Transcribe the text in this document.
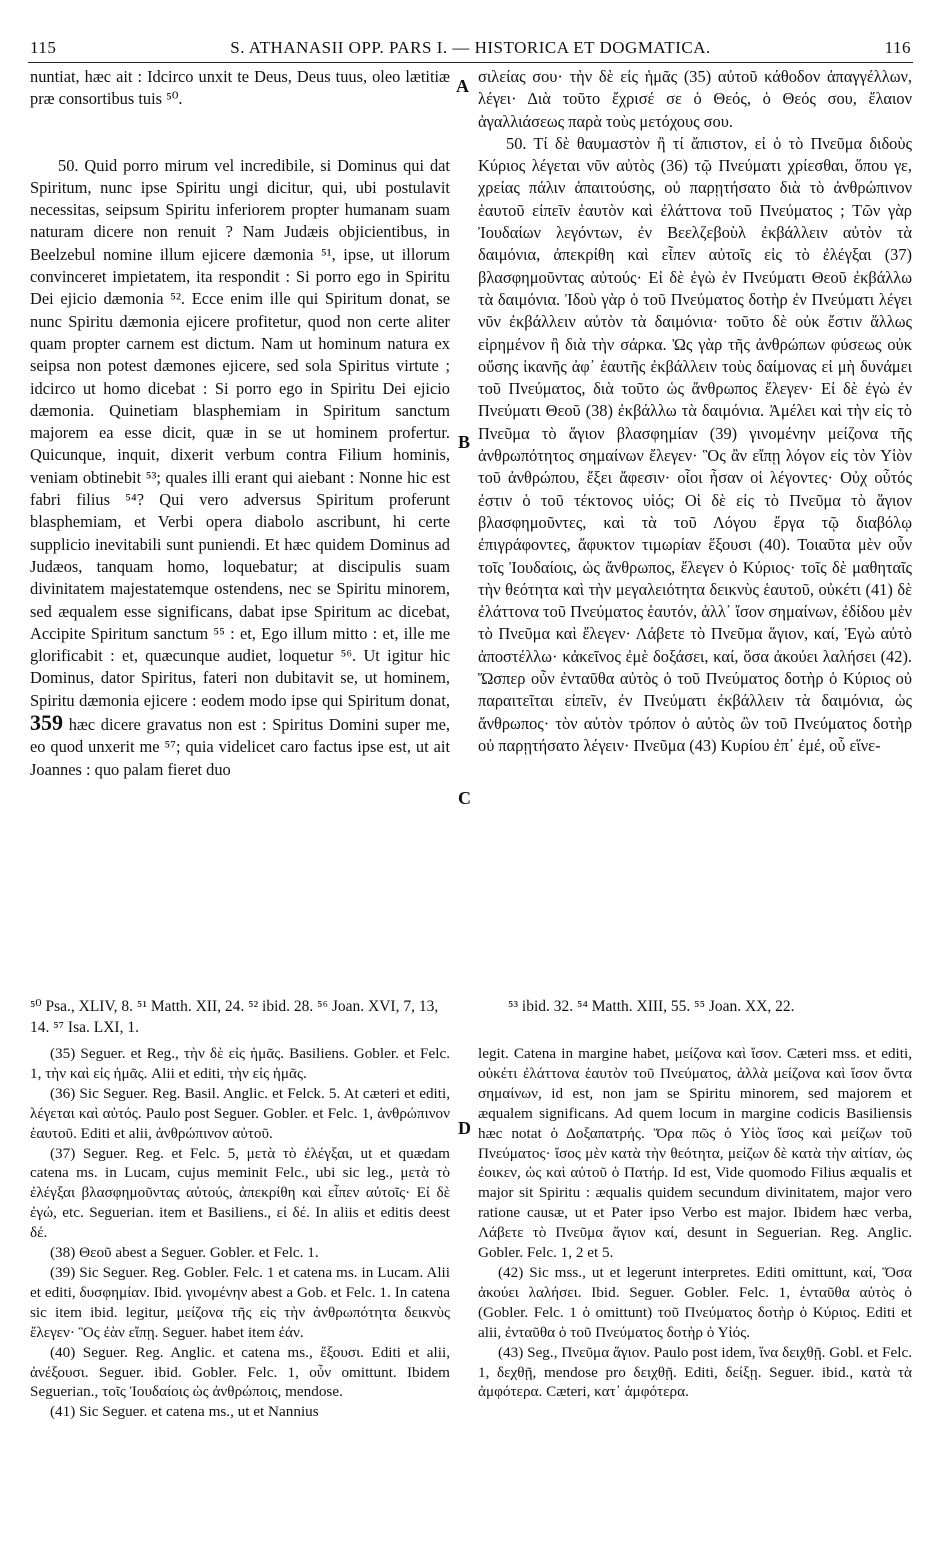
115	S. ATHANASII OPP. PARS I. — HISTORICA ET DOGMATICA.	116

nuntiat, hæc ait : Idcirco unxit te Deus, Deus tuus, oleo lætitiæ præ consortibus tuis ⁵⁰.

50. Quid porro mirum vel incredibile, si Dominus qui dat Spiritum, nunc ipse Spiritu ungi dicitur, qui, ubi postulavit necessitas, seipsum Spiritu inferiorem propter humanam suam naturam dicere non renuit ? Nam Judæis objicientibus, in Beelzebul nomine illum ejicere dæmonia ⁵¹, ipse, ut illorum convinceret impietatem, ita respondit : Si porro ego in Spiritu Dei ejicio dæmonia ⁵². Ecce enim ille qui Spiritum donat, se nunc Spiritu dæmonia ejicere profitetur, quod non certe aliter quam propter carnem est dictum. Nam ut hominum natura ex seipsa non potest dæmones ejicere, sed sola Spiritus virtute ; idcirco ut homo dicebat : Si porro ego in Spiritu Dei ejicio dæmonia. Quinetiam blasphemiam in Spiritum sanctum majorem ea esse dicit, quæ in se ut hominem profertur. Quicunque, inquit, dixerit verbum contra Filium hominis, veniam obtinebit ⁵³; quales illi erant qui aiebant : Nonne hic est fabri filius ⁵⁴? Qui vero adversus Spiritum proferunt blasphemiam, et Verbi opera diabolo ascribunt, hi certe supplicio inevitabili sunt puniendi. Et hæc quidem Dominus ad Judæos, tanquam homo, loquebatur; at discipulis suam divinitatem majestatemque ostendens, nec se Spiritu minorem, sed æqualem esse significans, dabat ipse Spiritum ac dicebat, Accipite Spiritum sanctum ⁵⁵ : et, Ego illum mitto : et, ille me glorificabit : et, quæcunque audiet, loquetur ⁵⁶. Ut igitur hic Dominus, dator Spiritus, fateri non dubitavit se, ut hominem, Spiritu dæmonia ejicere : eodem modo ipse qui Spiritum donat, 359 hæc dicere gravatus non est : Spiritus Domini super me, eo quod unxerit me ⁵⁷; quia videlicet caro factus ipse est, ut ait Joannes : quo palam fieret duo

A
B
C
D

σιλείας σου· τὴν δὲ εἰς ἡμᾶς (35) αὐτοῦ κάθοδον ἀπαγγέλλων, λέγει· Διὰ τοῦτο ἔχρισέ σε ὁ Θεός, ὁ Θεός σου, ἔλαιον ἀγαλλιάσεως παρὰ τοὺς μετόχους σου.

50. Τί δὲ θαυμαστὸν ἢ τί ἄπιστον, εἰ ὁ τὸ Πνεῦμα διδοὺς Κύριος λέγεται νῦν αὐτὸς (36) τῷ Πνεύματι χρίεσθαι, ὅπου γε, χρείας πάλιν ἀπαιτούσης, οὐ παρῃτήσατο διὰ τὸ ἀνθρώπινον ἑαυτοῦ εἰπεῖν ἑαυτὸν καὶ ἐλάττονα τοῦ Πνεύματος ; Τῶν γὰρ Ἰουδαίων λεγόντων, ἐν Βεελζεβοὺλ ἐκβάλλειν αὐτὸν τὰ δαιμόνια, ἀπεκρίθη καὶ εἶπεν αὐτοῖς εἰς τὸ ἐλέγξαι (37) βλασφημοῦντας αὐτούς· Εἰ δὲ ἐγὼ ἐν Πνεύματι Θεοῦ ἐκβάλλω τὰ δαιμόνια. Ἰδοὺ γὰρ ὁ τοῦ Πνεύματος δοτὴρ ἐν Πνεύματι λέγει νῦν ἐκβάλλειν αὐτὸν τὰ δαιμόνια· τοῦτο δὲ οὐκ ἔστιν ἄλλως εἰρημένον ἢ διὰ τὴν σάρκα. Ὡς γὰρ τῆς ἀνθρώπων φύσεως οὐκ οὔσης ἱκανῆς ἀφ᾽ ἑαυτῆς ἐκβάλλειν τοὺς δαίμονας εἰ μὴ δυνάμει τοῦ Πνεύματος, διὰ τοῦτο ὡς ἄνθρωπος ἔλεγεν· Εἰ δὲ ἐγὼ ἐν Πνεύματι Θεοῦ (38) ἐκβάλλω τὰ δαιμόνια. Ἀμέλει καὶ τὴν εἰς τὸ Πνεῦμα τὸ ἅγιον βλασφημίαν (39) γινομένην μείζονα τῆς ἀνθρωπότητος σημαίνων ἔλεγεν· Ὃς ἂν εἴπῃ λόγον εἰς τὸν Υἱὸν τοῦ ἀνθρώπου, ἔξει ἄφεσιν· οἷοι ἦσαν οἱ λέγοντες· Οὐχ οὗτός ἐστιν ὁ τοῦ τέκτονος υἱός; Οἱ δὲ εἰς τὸ Πνεῦμα τὸ ἅγιον βλασφημοῦντες, καὶ τὰ τοῦ Λόγου ἔργα τῷ διαβόλῳ ἐπιγράφοντες, ἄφυκτον τιμωρίαν ἕξουσι (40). Τοιαῦτα μὲν οὖν τοῖς Ἰουδαίοις, ὡς ἄνθρωπος, ἔλεγεν ὁ Κύριος· τοῖς δὲ μαθηταῖς τὴν θεότητα καὶ τὴν μεγαλειότητα δεικνὺς ἑαυτοῦ, οὐκέτι (41) δὲ ἐλάττονα τοῦ Πνεύματος ἑαυτόν, ἀλλ᾽ ἴσον σημαίνων, ἐδίδου μὲν τὸ Πνεῦμα καὶ ἔλεγεν· Λάβετε τὸ Πνεῦμα ἅγιον, καί, Ἐγὼ αὐτὸ ἀποστέλλω· κἀκεῖνος ἐμὲ δοξάσει, καί, ὅσα ἀκούει λαλήσει (42). Ὥσπερ οὖν ἐνταῦθα αὐτὸς ὁ τοῦ Πνεύματος δοτὴρ ὁ Κύριος οὐ παραιτεῖται εἰπεῖν, ἐν Πνεύματι ἐκβάλλειν τὰ δαιμόνια, ὡς ἄνθρωπος· τὸν αὐτὸν τρόπον ὁ αὐτὸς ὢν τοῦ Πνεύματος δοτὴρ οὐ παρῃτήσατο λέγειν· Πνεῦμα (43) Κυρίου ἐπ᾽ ἐμέ, οὗ εἵνε-

⁵⁰ Psa., XLIV, 8. ⁵¹ Matth. XII, 24. ⁵² ibid. 28. ⁵⁶ Joan. XVI, 7, 13, 14. ⁵⁷ Isa. LXI, 1.
⁵³ ibid. 32. ⁵⁴ Matth. XIII, 55. ⁵⁵ Joan. XX, 22.

(35) Seguer. et Reg., τὴν δὲ εἰς ἡμᾶς. Basiliens. Gobler. et Felc. 1, τὴν καὶ εἰς ἡμᾶς. Alii et editi, τὴν εἰς ἡμᾶς.

(36) Sic Seguer. Reg. Basil. Anglic. et Felck. 5. At cæteri et editi, λέγεται καὶ αὐτός. Paulo post Seguer. Gobler. et Felc. 1, ἀνθρώπινον ἑαυτοῦ. Editi et alii, ἀνθρώπινον αὐτοῦ.

(37) Seguer. Reg. et Felc. 5, μετὰ τὸ ἐλέγξαι, ut et quædam catena ms. in Lucam, cujus meminit Felc., ubi sic leg., μετὰ τὸ ἐλέγξαι βλασφημοῦντας αὐτούς, ἀπεκρίθη καὶ εἶπεν αὐτοῖς· Εἰ δὲ ἐγώ, etc. Seguerian. item et Basiliens., εἰ δέ. In aliis et editis deest δέ.

(38) Θεοῦ abest a Seguer. Gobler. et Felc. 1.

(39) Sic Seguer. Reg. Gobler. Felc. 1 et catena ms. in Lucam. Alii et editi, δυσφημίαν. Ibid. γινομένην abest a Gob. et Felc. 1. In catena sic item ibid. legitur, μείζονα τῆς εἰς τὴν ἀνθρωπότητα δεικνὺς ἔλεγεν· Ὃς ἐὰν εἴπῃ. Seguer. habet item ἐάν.

(40) Seguer. Reg. Anglic. et catena ms., ἕξουσι. Editi et alii, ἀνέξουσι. Seguer. ibid. Gobler. Felc. 1, οὖν omittunt. Ibidem Seguerian., τοῖς Ἰουδαίοις ὡς ἀνθρώποις, mendose.

(41) Sic Seguer. et catena ms., ut et Nannius

legit. Catena in margine habet, μείζονα καὶ ἴσον. Cæteri mss. et editi, οὐκέτι ἐλάττονα ἑαυτὸν τοῦ Πνεύματος, ἀλλὰ μείζονα καὶ ἴσον ὄντα σημαίνων, id est, non jam se Spiritu minorem, sed majorem et æqualem significans. Ad quem locum in margine codicis Basiliensis hæc notat ὁ Δοξαπατρής. Ὅρα πῶς ὁ Υἱὸς ἴσος καὶ μείζων τοῦ Πνεύματος· ἴσος μὲν κατὰ τὴν θεότητα, μείζων δὲ κατὰ τὴν αἰτίαν, ὡς ἐοικεν, ὡς καὶ αὐτοῦ ὁ Πατήρ. Id est, Vide quomodo Filius æqualis et major sit Spiritu : æqualis quidem secundum divinitatem, major vero ratione causæ, ut et Pater ipso Verbo est major. Ibidem hæc verba, Λάβετε τὸ Πνεῦμα ἅγιον καί, desunt in Seguerian. Reg. Anglic. Gobler. Felc. 1, 2 et 5.

(42) Sic mss., ut et legerunt interpretes. Editi omittunt, καί, Ὅσα ἀκούει λαλήσει. Ibid. Seguer. Gobler. Felc. 1, ἐνταῦθα αὐτὸς ὁ (Gobler. Felc. 1 ὁ omittunt) τοῦ Πνεύματος δοτὴρ ὁ Κύριος. Editi et alii, ἐνταῦθα ὁ τοῦ Πνεύματος δοτὴρ ὁ Υἱός.

(43) Seg., Πνεῦμα ἅγιον. Paulo post idem, ἵνα δειχθῇ. Gobl. et Felc. 1, δεχθῇ, mendose pro δειχθῇ. Editi, δείξῃ. Seguer. ibid., κατὰ τὰ ἀμφότερα. Cæteri, κατ᾽ ἀμφότερα.
